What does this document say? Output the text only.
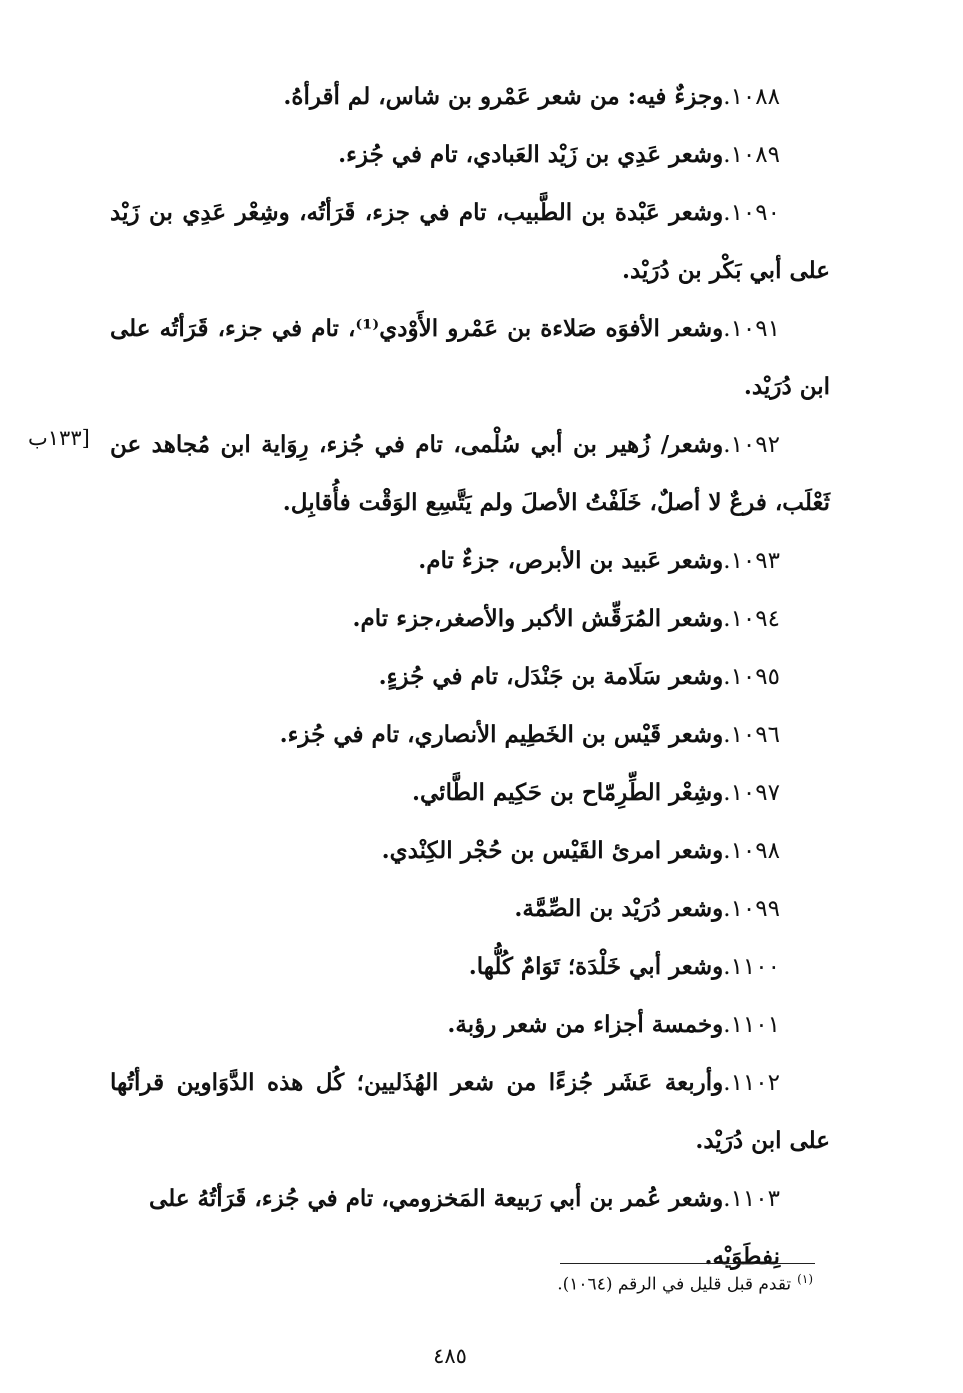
١٠٨٨.وجزءٌ فيه: من شعر عَمْرو بن شاس، لم أقرأهُ.

١٠٨٩.وشعر عَدِي بن زَيْد العَبادي، تام في جُزء.

١٠٩٠.وشعر عَبْدة بن الطَّبيب، تام في جزء، قَرَأتُه، وشِعْر عَدِي بن زَيْد على أبي بَكْر بن دُرَيْد.

١٠٩١.وشعر الأفوَه صَلاءة بن عَمْرو الأَوْدي⁽¹⁾، تام في جزء، قَرَأتُه على ابن دُرَيْد.

١٠٩٢.وشعر/ زُهير بن أبي سُلْمى، تام في جُزء، رِوَاية ابن مُجاهد عن ثَعْلَب، فرعٌ لا أصلٌ، خَلَفْتُ الأصلَ ولم يَتَّسِع الوَقْت فأُقابِل.

١٠٩٣.وشعر عَبيد بن الأبرص، جزءٌ تام.

١٠٩٤.وشعر المُرَقِّش الأكبر والأصغر،جزء تام.

١٠٩٥.وشعر سَلَامة بن جَنْدَل، تام في جُزءٍ.

١٠٩٦.وشعر قَيْس بن الخَطِيم الأنصاري، تام في جُزء.

١٠٩٧.وشِعْر الطِّرِمّاح بن حَكِيم الطَّائي.

١٠٩٨.وشعر امرئ القَيْس بن حُجْر الكِنْدي.

١٠٩٩.وشعر دُرَيْد بن الصِّمَّة.

١١٠٠.وشعر أبي خَلْدَة؛ تَوَامٌ كُلُّها.

١١٠١.وخمسة أجزاء من شعر رؤبة.

١١٠٢.وأربعة عَشَر جُزءًا من شعر الهُذَليين؛ كُل هذه الدَّوَاوين قرأتُها على ابن دُرَيْد.

١١٠٣.وشعر عُمر بن أبي رَبيعة المَخزومي، تام في جُزء، قَرَأتُهُ على نِفطَوَيْه.

[١٣٣ب
$^{(١)}$تقدم قبل قليل في الرقم (١٠٦٤).
٤٨٥
